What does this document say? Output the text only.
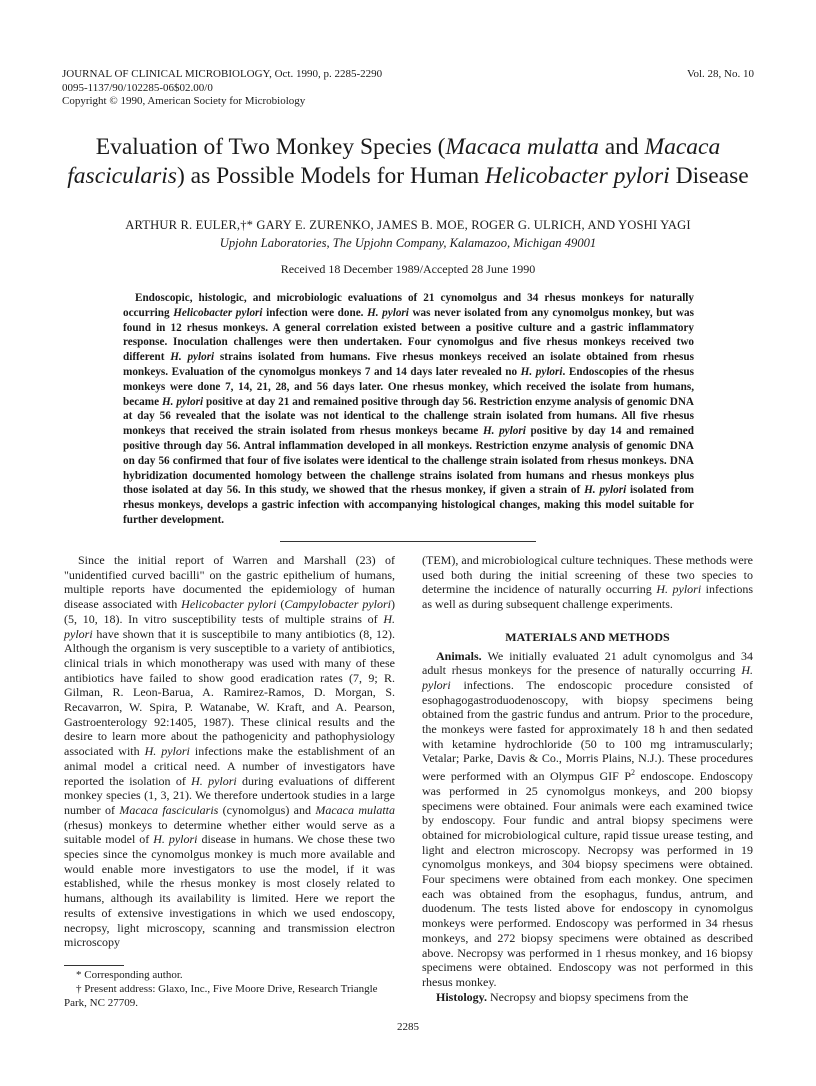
JOURNAL OF CLINICAL MICROBIOLOGY, Oct. 1990, p. 2285-2290
0095-1137/90/102285-06$02.00/0
Copyright © 1990, American Society for Microbiology
Vol. 28, No. 10
Evaluation of Two Monkey Species (Macaca mulatta and Macaca fascicularis) as Possible Models for Human Helicobacter pylori Disease
ARTHUR R. EULER,†* GARY E. ZURENKO, JAMES B. MOE, ROGER G. ULRICH, AND YOSHI YAGI
Upjohn Laboratories, The Upjohn Company, Kalamazoo, Michigan 49001
Received 18 December 1989/Accepted 28 June 1990
Endoscopic, histologic, and microbiologic evaluations of 21 cynomolgus and 34 rhesus monkeys for naturally occurring Helicobacter pylori infection were done. H. pylori was never isolated from any cynomolgus monkey, but was found in 12 rhesus monkeys. A general correlation existed between a positive culture and a gastric inflammatory response. Inoculation challenges were then undertaken. Four cynomolgus and five rhesus monkeys received two different H. pylori strains isolated from humans. Five rhesus monkeys received an isolate obtained from rhesus monkeys. Evaluation of the cynomolgus monkeys 7 and 14 days later revealed no H. pylori. Endoscopies of the rhesus monkeys were done 7, 14, 21, 28, and 56 days later. One rhesus monkey, which received the isolate from humans, became H. pylori positive at day 21 and remained positive through day 56. Restriction enzyme analysis of genomic DNA at day 56 revealed that the isolate was not identical to the challenge strain isolated from humans. All five rhesus monkeys that received the strain isolated from rhesus monkeys became H. pylori positive by day 14 and remained positive through day 56. Antral inflammation developed in all monkeys. Restriction enzyme analysis of genomic DNA on day 56 confirmed that four of five isolates were identical to the challenge strain isolated from rhesus monkeys. DNA hybridization documented homology between the challenge strains isolated from humans and rhesus monkeys plus those isolated at day 56. In this study, we showed that the rhesus monkey, if given a strain of H. pylori isolated from rhesus monkeys, develops a gastric infection with accompanying histological changes, making this model suitable for further development.

Since the initial report of Warren and Marshall (23) of "unidentified curved bacilli" on the gastric epithelium of humans, multiple reports have documented the epidemiology of human disease associated with Helicobacter pylori (Campylobacter pylori) (5, 10, 18). In vitro susceptibility tests of multiple strains of H. pylori have shown that it is susceptibile to many antibiotics (8, 12). Although the organism is very susceptible to a variety of antibiotics, clinical trials in which monotherapy was used with many of these antibiotics have failed to show good eradication rates (7, 9; R. Gilman, R. Leon-Barua, A. Ramirez-Ramos, D. Morgan, S. Recavarron, W. Spira, P. Watanabe, W. Kraft, and A. Pearson, Gastroenterology 92:1405, 1987). These clinical results and the desire to learn more about the pathogenicity and pathophysiology associated with H. pylori infections make the establishment of an animal model a critical need. A number of investigators have reported the isolation of H. pylori during evaluations of different monkey species (1, 3, 21). We therefore undertook studies in a large number of Macaca fascicularis (cynomolgus) and Macaca mulatta (rhesus) monkeys to determine whether either would serve as a suitable model of H. pylori disease in humans. We chose these two species since the cynomolgus monkey is much more available and would enable more investigators to use the model, if it was established, while the rhesus monkey is most closely related to humans, although its availability is limited. Here we report the results of extensive investigations in which we used endoscopy, necropsy, light microscopy, scanning and transmission electron microscopy

(TEM), and microbiological culture techniques. These methods were used both during the initial screening of these two species to determine the incidence of naturally occurring H. pylori infections as well as during subsequent challenge experiments.

MATERIALS AND METHODS

Animals. We initially evaluated 21 adult cynomolgus and 34 adult rhesus monkeys for the presence of naturally occurring H. pylori infections. The endoscopic procedure consisted of esophagogastroduodenoscopy, with biopsy specimens being obtained from the gastric fundus and antrum. Prior to the procedure, the monkeys were fasted for approximately 18 h and then sedated with ketamine hydrochloride (50 to 100 mg intramuscularly; Vetalar; Parke, Davis & Co., Morris Plains, N.J.). These procedures were performed with an Olympus GIF $P^2$ endoscope. Endoscopy was performed in 25 cynomolgus monkeys, and 200 biopsy specimens were obtained. Four animals were each examined twice by endoscopy. Four fundic and antral biopsy specimens were obtained for microbiological culture, rapid tissue urease testing, and light and electron microscopy. Necropsy was performed in 19 cynomolgus monkeys, and 304 biopsy specimens were obtained. Four specimens were obtained from each monkey. One specimen each was obtained from the esophagus, fundus, antrum, and duodenum. The tests listed above for endoscopy in cynomolgus monkeys were performed. Endoscopy was performed in 34 rhesus monkeys, and 272 biopsy specimens were obtained as described above. Necropsy was performed in 1 rhesus monkey, and 16 biopsy specimens were obtained. Endoscopy was not performed in this rhesus monkey.

Histology. Necropsy and biopsy specimens from the

* Corresponding author.
† Present address: Glaxo, Inc., Five Moore Drive, Research Triangle Park, NC 27709.
2285
